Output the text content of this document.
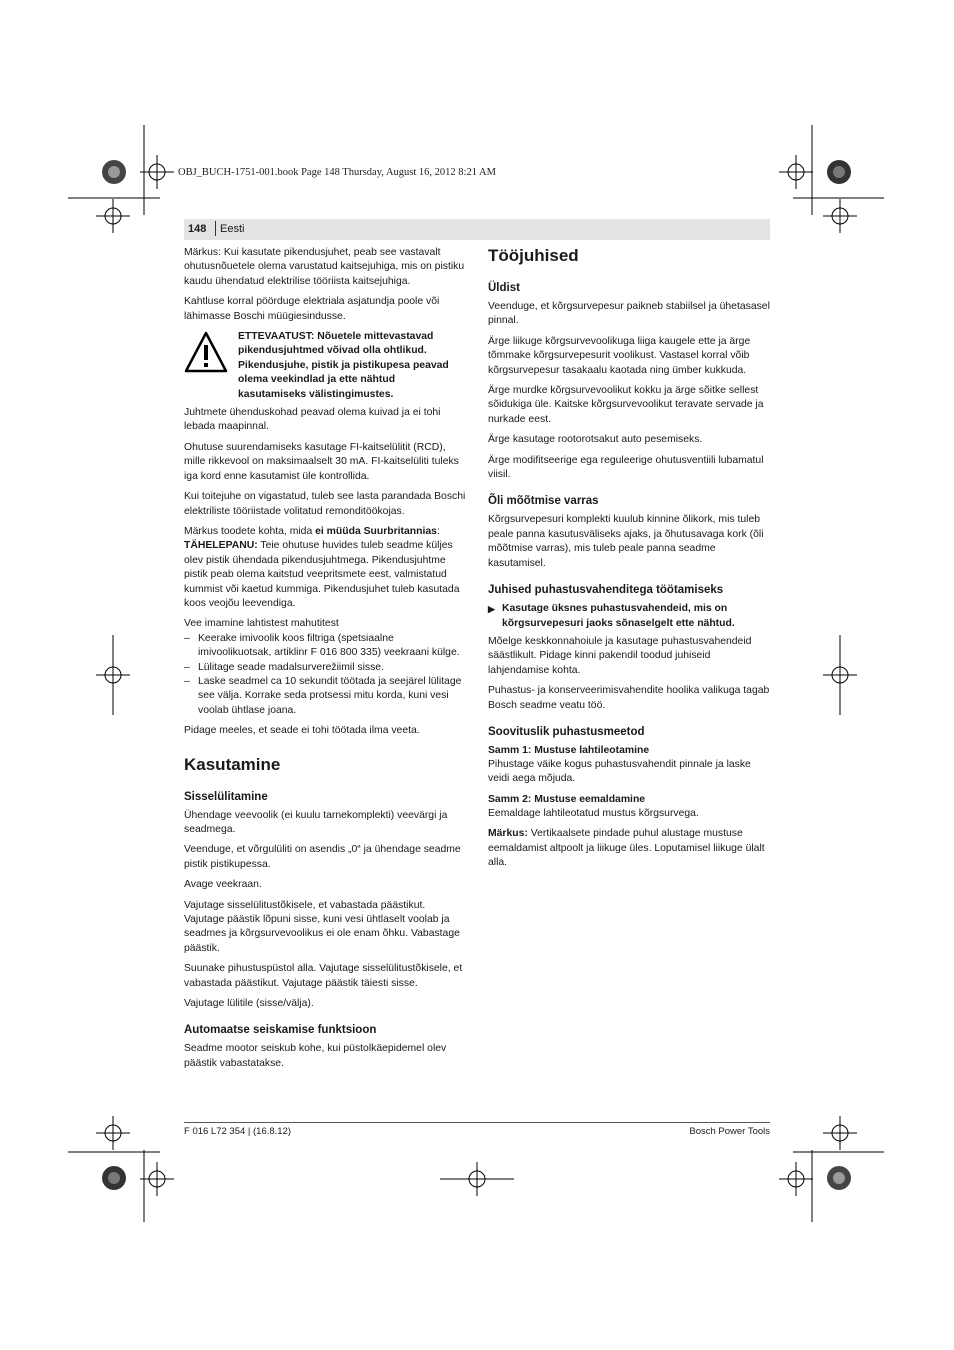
OBJ_BUCH-1751-001.book Page 148 Thursday, August 16, 2012 8:21 AM
148 Eesti

Märkus: Kui kasutate pikendusjuhet, peab see vastavalt ohutusnõuetele olema varustatud kaitsejuhiga, mis on pistiku kaudu ühendatud elektrilise tööriista kaitsejuhiga.

Kahtluse korral pöörduge elektriala asjatundja poole või lähimasse Boschi müügiesindusse.

ETTEVAATUST: Nõuetele mittevastavad pikendusjuhtmed võivad olla ohtlikud. Pikendusjuhe, pistik ja pistikupesa peavad olema veekindlad ja ette nähtud kasutamiseks välistingimustes.

Juhtmete ühenduskohad peavad olema kuivad ja ei tohi lebada maapinnal.

Ohutuse suurendamiseks kasutage FI-kaitselülitit (RCD), mille rikkevool on maksimaalselt 30 mA. FI-kaitselüliti tuleks iga kord enne kasutamist üle kontrollida.

Kui toitejuhe on vigastatud, tuleb see lasta parandada Boschi elektriliste tööriistade volitatud remonditöökojas.

Märkus toodete kohta, mida ei müüda Suurbritannias:
TÄHELEPANU: Teie ohutuse huvides tuleb seadme küljes olev pistik ühendada pikendusjuhtmega. Pikendusjuhtme pistik peab olema kaitstud veepritsmete eest, valmistatud kummist või kaetud kummiga. Pikendusjuhet tuleb kasutada koos veojõu leevendiga.

Vee imamine lahtistest mahutitest

– Keerake imivoolik koos filtriga (spetsiaalne imivoolikuotsak, artiklinr F 016 800 335) veekraani külge.
– Lülitage seade madalsurverežiimil sisse.
– Laske seadmel ca 10 sekundit töötada ja seejärel lülitage see välja. Korrake seda protsessi mitu korda, kuni vesi voolab ühtlase joana.

Pidage meeles, et seade ei tohi töötada ilma veeta.

Kasutamine
Sisselülitamine

Ühendage veevoolik (ei kuulu tarnekomplekti) veevärgi ja seadmega.

Veenduge, et võrgulüliti on asendis „0“ ja ühendage seadme pistik pistikupessa.

Avage veekraan.

Vajutage sisselülitustõkisele, et vabastada päästikut. Vajutage päästik lõpuni sisse, kuni vesi ühtlaselt voolab ja seadmes ja kõrgsurvevoolikus ei ole enam õhku. Vabastage päästik.

Suunake pihustuspüstol alla. Vajutage sisselülitustõkisele, et vabastada päästikut. Vajutage päästik täiesti sisse.

Vajutage lülitile (sisse/välja).

Automaatse seiskamise funktsioon

Seadme mootor seiskub kohe, kui püstolkäepidemel olev päästik vabastatakse.

Tööjuhised
Üldist

Veenduge, et kõrgsurvepesur paikneb stabiilsel ja ühetasasel pinnal.

Ärge liikuge kõrgsurvevoolikuga liiga kaugele ette ja ärge tõmmake kõrgsurvepesurit voolikust. Vastasel korral võib kõrgsurvepesur tasakaalu kaotada ning ümber kukkuda.

Ärge murdke kõrgsurvevoolikut kokku ja ärge sõitke sellest sõidukiga üle. Kaitske kõrgsurvevoolikut teravate servade ja nurkade eest.

Ärge kasutage rootorotsakut auto pesemiseks.

Ärge modifitseerige ega reguleerige ohutusventiili lubamatul viisil.

Õli mõõtmise varras

Kõrgsurvepesuri komplekti kuulub kinnine õlikork, mis tuleb peale panna kasutusväliseks ajaks, ja õhutusavaga kork (õli mõõtmise varras), mis tuleb peale panna seadme kasutamisel.

Juhised puhastusvahenditega töötamiseks
▶ Kasutage üksnes puhastusvahendeid, mis on kõrgsurvepesuri jaoks sõnaselgelt ette nähtud.

Mõelge keskkonnahoiule ja kasutage puhastusvahendeid säästlikult. Pidage kinni pakendil toodud juhiseid lahjendamise kohta.

Puhastus- ja konserveerimisvahendite hoolika valikuga tagab Bosch seadme veatu töö.

Soovituslik puhastusmeetod
Samm 1: Mustuse lahtileotamine

Pihustage väike kogus puhastusvahendit pinnale ja laske veidi aega mõjuda.

Samm 2: Mustuse eemaldamine

Eemaldage lahtileotatud mustus kõrgsurvega.

Märkus: Vertikaalsete pindade puhul alustage mustuse eemaldamist altpoolt ja liikuge üles. Loputamisel liikuge ülalt alla.

F 016 L72 354 | (16.8.12)	Bosch Power Tools
